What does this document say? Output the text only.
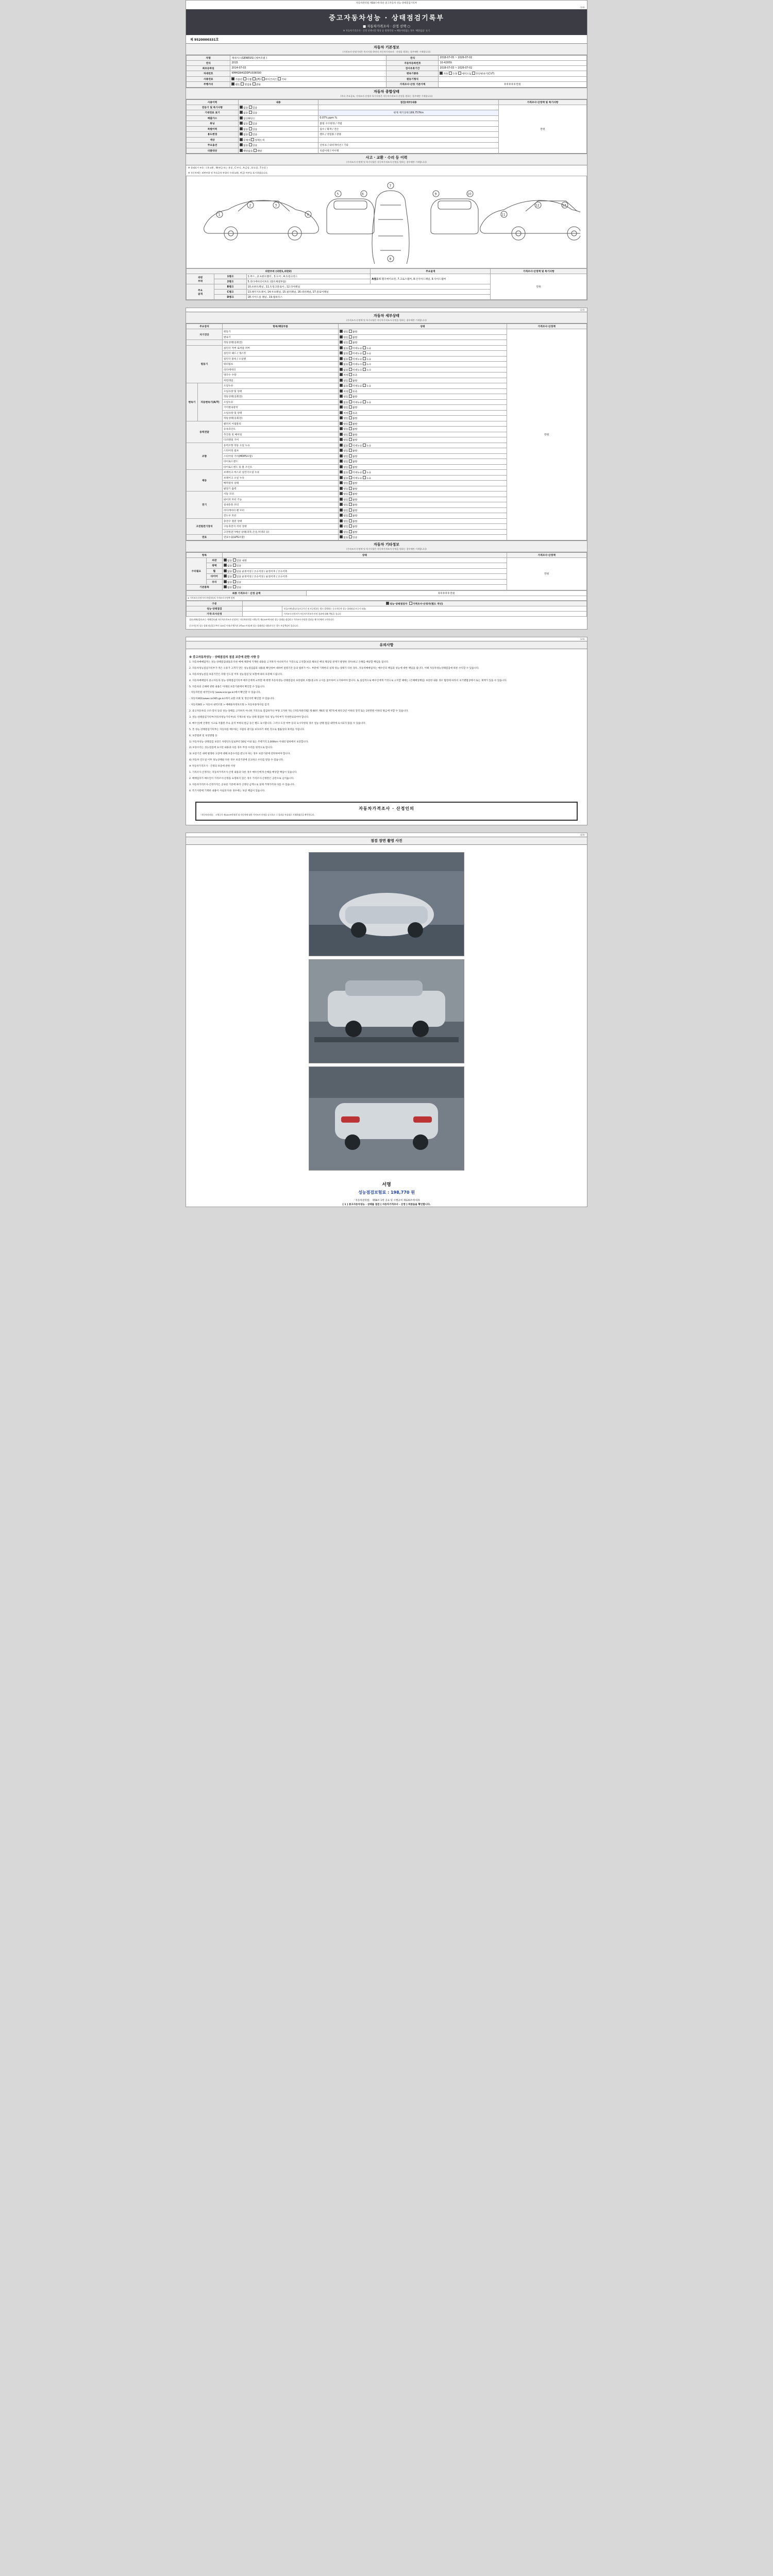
자동차관리법 제58조에 따른 중고자동차 성능·상태점검기록부
(1/4)
중고자동차성능 · 상태점검기록부
■ 자동차가격조사 · 산정 선택 ○
※ 자동차가격조사 · 산정 선택시만 명칭 등 항목작성 → 해당사항없는 경우 '해당없음' 표기
제 9520000331호
자동차 기본정보
(가격조사·산정가격은 특기사항 하단의 자동차가격조사 · 산정을 원하는 경우에만 기재합니다)
차명	제네시스(GENESIS) (세부모델 )	연식	2018-07-05 ~ 2026-07-02
연식	2015	자동차등록번호	10-42959
최초등록일	2014-07-03	검사유효기간	2018-07-03 ~ 2026-07-02
차대번호	KMHGW41DDFU036590	변속기종류	자동 수동 세미오토 무단변속기(CVT)
사용연료	가솔린 디젤 LPG 하이브리드 기타	원동기형식	
주행거리	렌트 영업용 관용	가격조사·산정 기준가액	0 0 0 0 0 만원
자동차 종합상태
(주요 주요골조, 가격조사·산정의 특기사항은 자동차가격조사·산정을 원하는 경우에만 기재합니다)
사용이력	내용	점검(세부)내용	가격조사·산정액 및 특기사항
전동기 및 특기사항	없음 있음		만원
기대연료 표기	없음 있음	현재 계기상태 169,757Km	
배출가스	일산화탄소	0.07% ppm %	
튜닝	없음 있음	불법 구조변경 / 적법	
특별이력	없음 있음	침수 / 화재 / 전손	
용도변경	없음 있음	렌트 / 영업용 / 관용	
색상	무채색 전체도색		
주요옵션	없음 있음	선루프 / 내비게이션 / 기타	
리콜대상	해당없음 해당	리콜이행 / 미이행	
사고 · 교환 · 수리 등 이력
(가격조사·산정액 및 특기사항은 자동차가격조사·산정을 원하는 경우에만 기재합니다)
※ 상태표시 부호 : ( X:교환 , W:판금 또는 용접 , C:부식 , A:긁힘 , U:요철 , T:손상 )
※ 자동차에는 외판부위 및 주요골격 부위의 수리(교환, 판금) 여부를 표시하였습니다.
1
2	3
4
5	6
7
8
9	10
11
12	13
외판부위 (외판1,외판2)			주요골격	가격조사·산정액 및 특기사항
외판
부위	1랭크	1.후드 , 2.프론트휀더 , 3.도어 , 4.트렁크리드	A랭크 6.휀더에이프런, 7.크로스멤버, 8.인사이드패널, 9.사이드멤버	만원
	2랭크	5.라디에이터서포트 (볼트체결부품)		
주요
골격	B랭크	10.프론트패널 , 11.트렁크플로어 , 12.리어패널		
	C랭크	13.패키지트레이, 14.루프패널, 15.필러패널, 16.대쉬패널, 17.플로어패널		
	D랭크	18.사이드실 패널 , 19.휠하우스		
(2/4)
자동차 세부상태
(가격조사·산정액 및 특기사항은 자동차가격조사·산정을 원하는 경우에만 기재합니다)
주요장치		항목/해당부품	상태	가격조사·산정액
자기진단		원동기	양호 불량	만원
		변속기	양호 불량	
		작동상태(공회전)	양호 불량	
원동기		실린더 커버 로커암 커버	없음 미세누유 누유	
		실린더 헤드 / 개스킷	없음 미세누유 누유	
		실린더 블록 / 오일팬	없음 미세누유 누유	
		워터펌프	없음 미세누수 누수	
		라디에이터	없음 미세누수 누수	
		냉각수 수량	적정 부족	
		커먼레일	양호 불량	
변속기	자동변속기(A/T)	오일누유	없음 미세누유 누유	
		오일유량 및 상태	적정 부족	
		작동상태(공회전)	양호 불량	
		오일누유	없음 미세누유 누유	
		기어변속장치	양호 불량	
		오일유량 및 상태	적정 부족	
		작동상태(공회전)	양호 불량	
동력전달		클러치 어셈블리	양호 불량	
		등속죠인트	양호 불량	
		추진축 및 베어링	양호 불량	
		디퍼렌셜 기어	양호 불량	
조향		동력조향 작동 오일 누유	없음 미세누유 누유	
		스티어링 펌프	양호 불량	
		스티어링 기어(MDPS포함)	양호 불량	
		타이로드엔드	양호 불량	
		타이로드엔드 및 볼 조인트	양호 불량	
제동		브레이크 마스터 실린더오일 누유	없음 미세누유 누유	
		브레이크 오일 누유	없음 미세누유 누유	
		배력장치 상태	양호 불량	
		발전기 출력	양호 불량	
전기		시동 모터	양호 불량	
		와이퍼 모터 기능	양호 불량	
		실내송풍 모터	양호 불량	
		라디에이터 팬 모터	양호 불량	
		윈도우 모터	양호 불량	
고전원전기장치		충전구 절연 상태	양호 불량	
		구동축전지 격리 상태	양호 불량	
		고전원전기배선 상태(피복,손상,커넥터 등)	양호 불량	
연료		연료누출(LPG포함)	없음 있음	
자동차 기타정보
(가격조사·산정액 및 특기사항은 자동차가격조사·산정을 원하는 경우에만 기재합니다)
항목		상태	가격조사·산정액
수리필요	외관	없음 있음 내장	만원
	광택	없음 있음	
	휠	없음 있음 운전석전 / 조수석전 / 운전석후 / 조수석후	
	타이어	없음 있음 운전석전 / 조수석전 / 운전석후 / 조수석후	
	유리	없음 있음	
기본품목		없음 있음	
최종 가격조사 · 산정 금액	0 0 0 0 0 만원
※ 가격조사·산정가격 보정항목의 가격조사·산정액 합계
구분	성능·상태점검자 가격조사·산정자(별도 직인)	
성능·상태점검		보증(서면)합니다(보증기간 및 보증범위는 별도 발행하는 중고자동차 성능·상태점검 보증서 따름)
가격·조사산정		가격조사·산정자가 자동차가격조사·산정 결과에 대해 책임을 집니다
상품(매매)업자(또는 매매업자)와 자동차가격조사·산정자는 자동차관리법 시행규칙 제120조에 따라 성능·상태를 점검하고 가격조사·산정한 결과를 매수인에게 고지합니다.
중고자동차 성능·상태 점검일로부터 120일 이내(주행거리 2만km 이내)에 성능·상태점검 내용과 다른 경우 보상책임이 있습니다.
(3/4)
유의사항
※ 중고자동차성능 · 상태점검의 점검 보증에 관한 사항 등

1. 자동차매매업자는 성능·상태점검내용과 다른 매매 체결에 기재한 내용을 고지하지 아니하거나 거짓으로 고지할(보증 채보신 배상 채상업 관계가 발생한 경우)하고 손해를 배상할 책임을 집니다.

2. 자동차성능점검기록부가 적은 오류가 고객기 만든 성능점검값과 내용물 확인하여 대하여 설명기간 등의 범위가 어느 부분에 기재한의 실제 성능·상태가 다른 경우, 자동차매매업자는 매수인의 책임과 성능에 대한 책임을 집니다. 이때 자동차성능상태점검에 따른 수익할 수 있습니다.

3. 자동차성능점검 보증기간은 차량 인도일 이후 성능점검 및 보험에 따라 보증해 드립니다.

4. 자동차매매업자 중고자동차 성능·상태점검기록부 매수인에게 교부할 때 현행 자동차성능·상태점검의 보증범위 포함(중고차 고시를 참조하여 고지하여야 합니다. 또 실질적으로 매수인에게 거짓으로 고지할 때에는 (손해배상책임) 보증한 내용 경우 법령에 따라서 보기별법상에서 또는 제재가 있을 수 있습니다.

5. 자동차의 손해에 관한 내용은 아래의 보증기관에서 확인할 수 있습니다.

- 자동차민원 대국민포털 (www.ecar.go.kr)에서 확인할 수 있습니다.

- 자동차365(www.car365.go.kr)에서 교환 조회 및 갱신이력 확인할 수 있습니다.

- 자동차365 > 자동차 내역조회 > 배배용자정보조회 > 자동차종개사업 검색

2. 중고자동차의 구조·장치 등의 성능·상태를 고지하지 아니한 거짓으로 점검하거나 부당 고지한 자는 [자동차관리법] 제 80조 제6호 및 제7호에 따라 2년 이하의 징역 또는 2천만원 이하의 벌금에 처할 수 있습니다.

3. 성능·상태점검기록부(자동차성능기록부)의 기재오류 성능·상태 점검한 자의 성능기록부가 작성완료되어야 합니다.

4. 매수인(매 인정한 시고로 지불된 주요 골격 부위의 판금 등은 별도 표시합니다. 그러나 도장 여부 등의 표시사항의 경우 성능·상태 점검 내역에 표시되지 않을 수 있습니다.

5. 본 성능·상태점검기록부는 자동차를 매수하는 사람의 권익을 보호하기 위한 것으로 법률상의 효력을 가집니다.

6. 보증범위 및 보상방법 등

1) 자동차성능·상태점검 보증은 차량인도일로부터 30일 이내 또는 주행거리 2,000km 이내의 범위에서 보증합니다.

2) 보증수리는 성능점검에 표시된 내용과 다를 경우 무상 수리를 원칙으로 합니다.

3) 보증기간 내에 발생한 고장에 대해 보증수리를 받고자 하는 경우 보증기관에 연락하여야 합니다.

4) 자동차 인도일 이후 성능상태와 다른 경우 보증기관에 신고하고 수리를 받을 수 있습니다.

※ 자동차가격조사 · 산정의 보증에 관한 사항

1. 가격조사·산정자는 자동차가격조사·산정 내용과 다른 경우 매수인에게 손해를 배상할 책임이 있습니다.

2. 매매업자가 매수인이 가격조사·산정을 요청하지 않은 경우 가격조사·산정란은 공란으로 남겨둡니다.

3. 자동차가격조사·산정가격은 공표된 기준에 따라 산정된 금액으로 실제 거래가격과 다를 수 있습니다.

4. 특기사항에 기재한 내용이 사실과 다른 경우에는 보상 책임이 있습니다.

자동차가격조사 · 산정인의
「자동차관리법」 시행규칙 제120조에 따라 위 자동차에 대한 가격조사·산정을 실시하고 그 결과를 사실대로 기재하였음을 확인합니다.
(4/4)
점검 장면 촬영 사진
서명
성능점검보험료 : 198,770 원
「자동차관리법」 제58조 1항 공표 및 시행규칙 제120조에 따라
[ 1 ] 중고자동차성능 · 상태를 점검 [ 자동차가격조사 · 산정 ] 하였음을 확인합니다.
